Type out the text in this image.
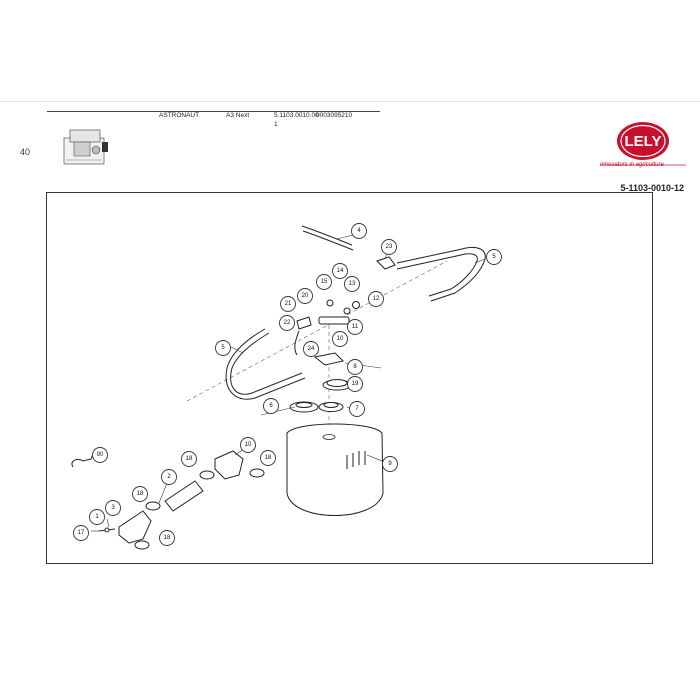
40
ASTRONAUT	A3 Next	5.1103.0010.00
0003095210
1
LELY
innovators in agriculture
5-1103-0010-12
4
23
5
14
15	13
12
20
21
11
22
10
24
5
8
19
6	7
10
90
18	18
9
2
18
3
1
17
18
